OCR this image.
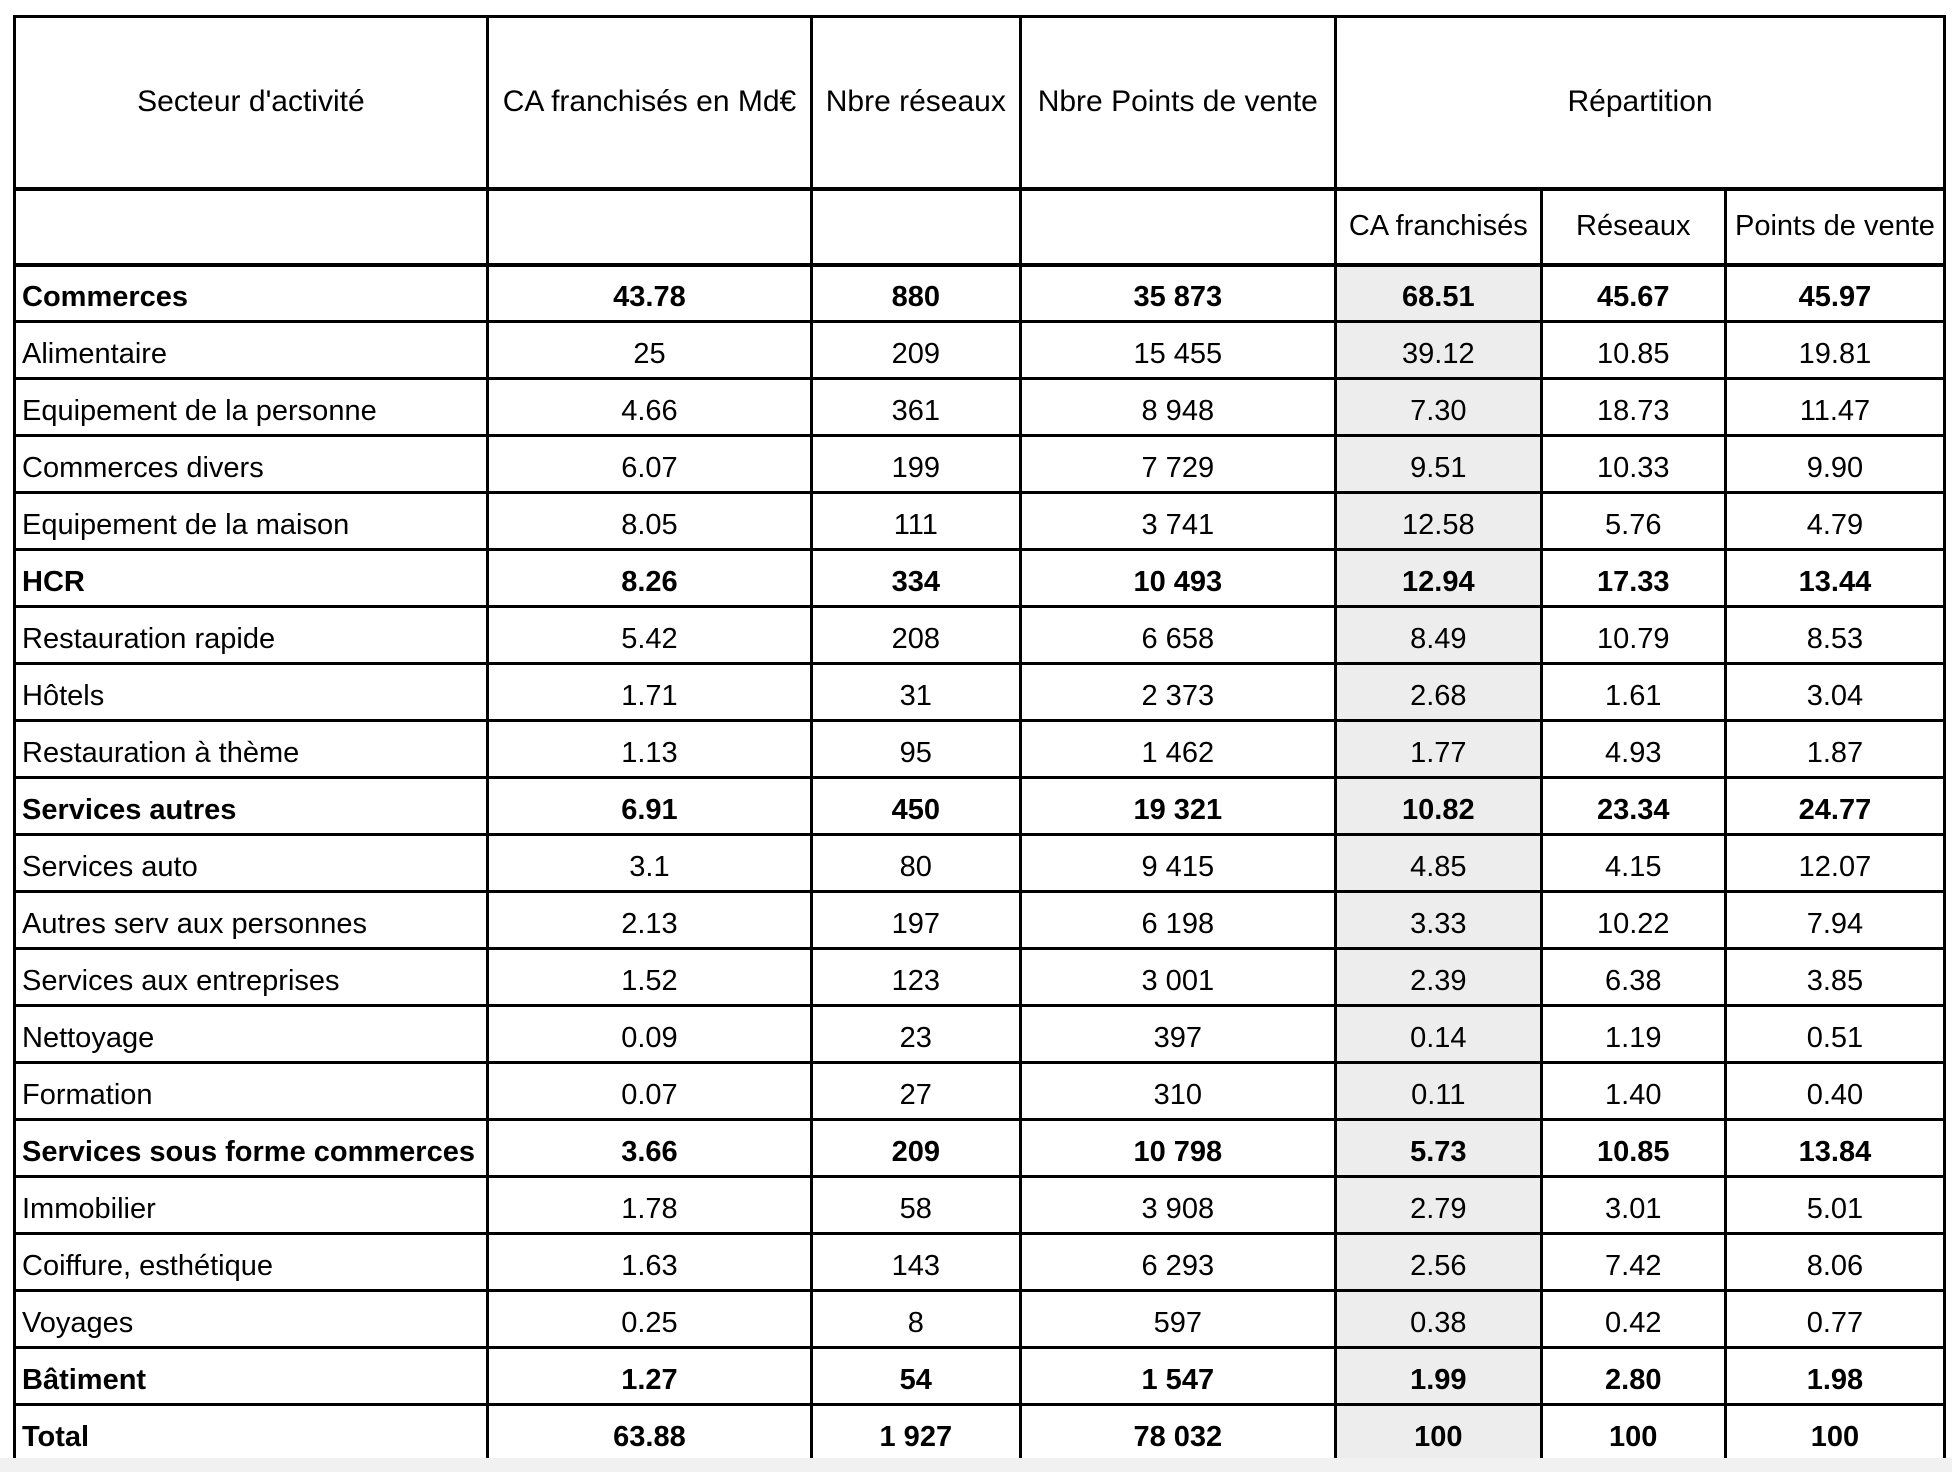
Secteur d'activité	CA franchisés en Md€	Nbre réseaux	Nbre Points de vente	Répartition		
				CA franchisés	Réseaux	Points de vente
Commerces	43.78	880	35 873	68.51	45.67	45.97
Alimentaire	25	209	15 455	39.12	10.85	19.81
Equipement de la personne	4.66	361	8 948	7.30	18.73	11.47
Commerces divers	6.07	199	7 729	9.51	10.33	9.90
Equipement de la maison	8.05	111	3 741	12.58	5.76	4.79
HCR	8.26	334	10 493	12.94	17.33	13.44
Restauration rapide	5.42	208	6 658	8.49	10.79	8.53
Hôtels	1.71	31	2 373	2.68	1.61	3.04
Restauration à thème	1.13	95	1 462	1.77	4.93	1.87
Services autres	6.91	450	19 321	10.82	23.34	24.77
Services auto	3.1	80	9 415	4.85	4.15	12.07
Autres serv aux personnes	2.13	197	6 198	3.33	10.22	7.94
Services aux entreprises	1.52	123	3 001	2.39	6.38	3.85
Nettoyage	0.09	23	397	0.14	1.19	0.51
Formation	0.07	27	310	0.11	1.40	0.40
Services sous forme commerces	3.66	209	10 798	5.73	10.85	13.84
Immobilier	1.78	58	3 908	2.79	3.01	5.01
Coiffure, esthétique	1.63	143	6 293	2.56	7.42	8.06
Voyages	0.25	8	597	0.38	0.42	0.77
Bâtiment	1.27	54	1 547	1.99	2.80	1.98
Total	63.88	1 927	78 032	100	100	100
